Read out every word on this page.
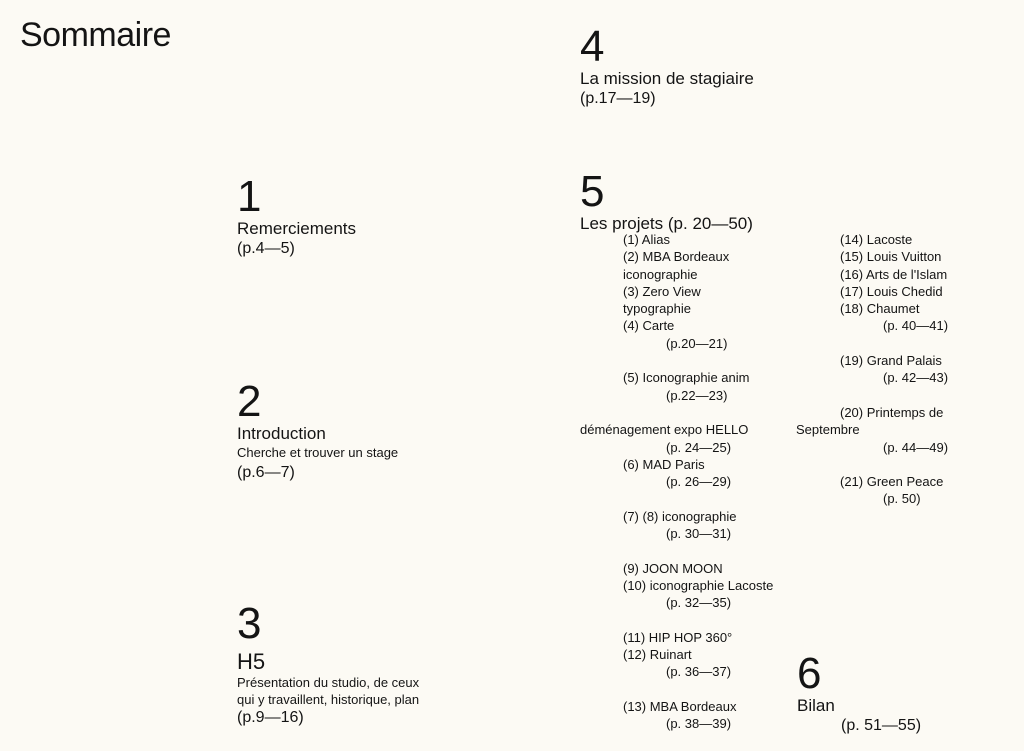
Sommaire
1
Remerciements
(p.4—5)
2
Introduction
Cherche et trouver un stage
(p.6—7)
3
H5
Présentation du studio, de ceux
qui y travaillent, historique, plan
(p.9—16)
4
La mission de stagiaire
(p.17—19)
5
Les projets (p. 20—50)
(1) Alias
(2) MBA Bordeaux
iconographie
(3) Zero View
typographie
(4) Carte
(p.20—21)
(5) Iconographie anim
(p.22—23)
déménagement expo HELLO
(p. 24—25)
(6) MAD Paris
(p. 26—29)
(7) (8) iconographie
(p. 30—31)
(9) JOON MOON
(10) iconographie Lacoste
(p. 32—35)
(11) HIP HOP 360°
(12) Ruinart
(p. 36—37)
(13) MBA Bordeaux
(p. 38—39)
(14) Lacoste
(15) Louis Vuitton
(16) Arts de l'Islam
(17) Louis Chedid
(18) Chaumet
(p. 40—41)
(19) Grand Palais
(p. 42—43)
(20) Printemps de
Septembre
(p. 44—49)
(21) Green Peace
(p. 50)
6
Bilan
(p. 51—55)
